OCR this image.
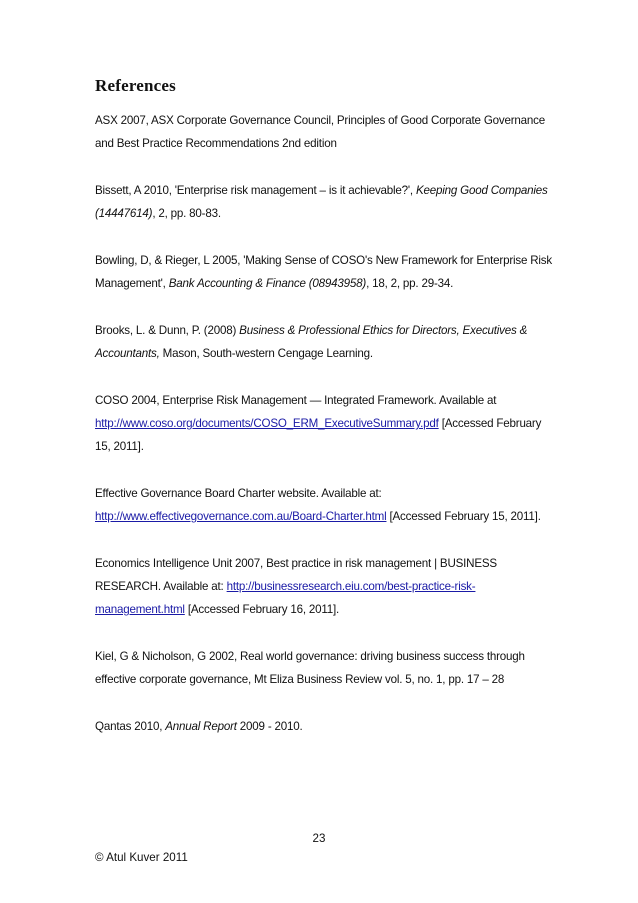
References
ASX 2007, ASX Corporate Governance Council, Principles of Good Corporate Governance and Best Practice Recommendations 2nd edition
Bissett, A 2010, 'Enterprise risk management – is it achievable?', Keeping Good Companies (14447614), 2, pp. 80-83.
Bowling, D, & Rieger, L 2005, 'Making Sense of COSO's New Framework for Enterprise Risk Management', Bank Accounting & Finance (08943958), 18, 2, pp. 29-34.
Brooks, L. & Dunn, P. (2008) Business & Professional Ethics for Directors, Executives & Accountants, Mason, South-western Cengage Learning.
COSO 2004, Enterprise Risk Management — Integrated Framework. Available at http://www.coso.org/documents/COSO_ERM_ExecutiveSummary.pdf [Accessed February 15, 2011].
Effective Governance Board Charter website. Available at: http://www.effectivegovernance.com.au/Board-Charter.html [Accessed February 15, 2011].
Economics Intelligence Unit 2007, Best practice in risk management | BUSINESS RESEARCH. Available at: http://businessresearch.eiu.com/best-practice-risk-management.html [Accessed February 16, 2011].
Kiel, G & Nicholson, G 2002, Real world governance: driving business success through effective corporate governance, Mt Eliza Business Review vol. 5, no. 1, pp. 17 – 28
Qantas 2010, Annual Report 2009 - 2010.
23
© Atul Kuver 2011
